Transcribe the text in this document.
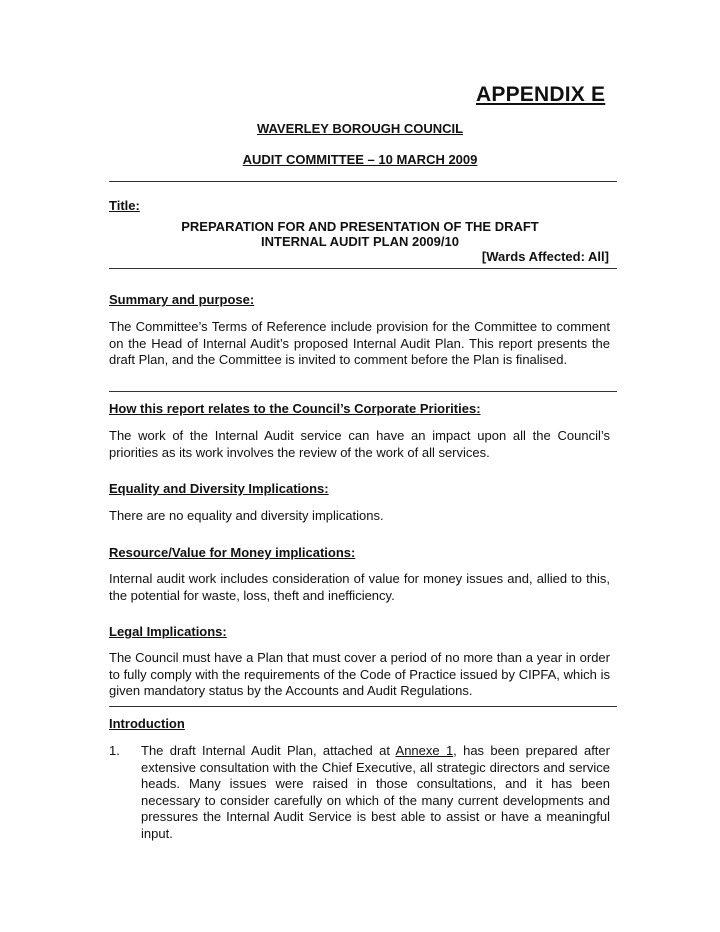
APPENDIX E
WAVERLEY BOROUGH COUNCIL
AUDIT COMMITTEE – 10 MARCH 2009
Title:
PREPARATION FOR AND PRESENTATION OF THE DRAFT
INTERNAL AUDIT PLAN 2009/10
[Wards Affected: All]
Summary and purpose:
The Committee’s Terms of Reference include provision for the Committee to comment on the Head of Internal Audit’s proposed Internal Audit Plan. This report presents the draft Plan, and the Committee is invited to comment before the Plan is finalised.
How this report relates to the Council’s Corporate Priorities:
The work of the Internal Audit service can have an impact upon all the Council’s priorities as its work involves the review of the work of all services.
Equality and Diversity Implications:
There are no equality and diversity implications.
Resource/Value for Money implications:
Internal audit work includes consideration of value for money issues and, allied to this, the potential for waste, loss, theft and inefficiency.
Legal Implications:
The Council must have a Plan that must cover a period of no more than a year in order to fully comply with the requirements of the Code of Practice issued by CIPFA, which is given mandatory status by the Accounts and Audit Regulations.
Introduction
1. The draft Internal Audit Plan, attached at Annexe 1, has been prepared after extensive consultation with the Chief Executive, all strategic directors and service heads. Many issues were raised in those consultations, and it has been necessary to consider carefully on which of the many current developments and pressures the Internal Audit Service is best able to assist or have a meaningful input.
